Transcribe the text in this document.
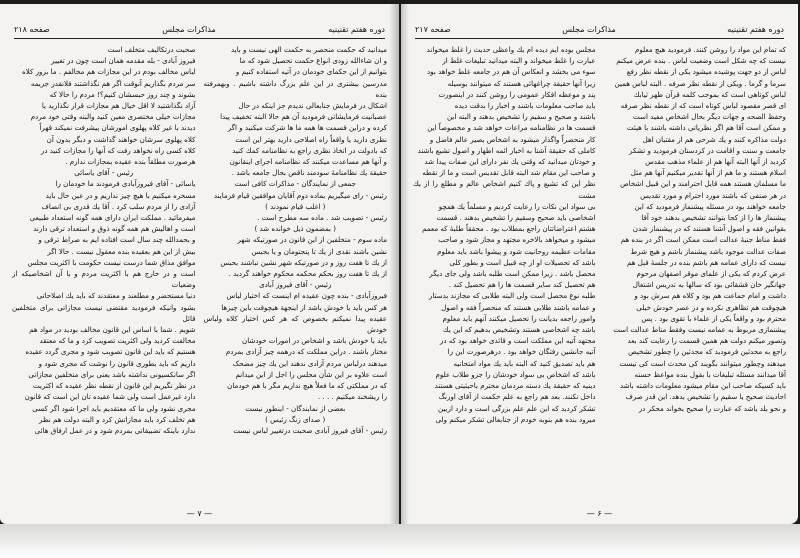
دوره هفتم تقنینیه
مذاکرات مجلس
صفحه ۲۱۸

میدانید که حکمت منحصر به حکمت الهی نیست و باید
و ان شاءالله زودی انواع حکمت تحصیل شود که ما
بتوانیم از این حکمای خودمان در آتیه استفاده کنیم و
مدرسین بیشتری در این علم بزرگ داشته باشیم . وبهمرفته بنده
اشکال در فرمایش جنابعالی ندیدم جز اینکه در حال
عصبانیت فرمایشاتی فرمودید آن هم حالا البته تخفیف پیدا
کرده و دراین قسمت ها همه ما ها شرکت میکنید و اگر
نظری دارید یا واقعاً راه اصلاحی دارید بهتر این است
که بادولت در اتخاذ نظری راجع به نظامنامه کمك کنید
و آنها هم مساعدت میکنند که نظامنامه اجرای اینقانون
حقیقة یك نظامنامهٔ سودمند ناقص بحال جامعه باشد .

جمعی از نمایندگان - مذاکرات کافی است

رئیس - رای میگیریم بماده دوم آقایان موافقین قیام فرمایند

( اغلب قیام نمودند )

رئیس - تصویب شد . ماده سه مطرح است .

( بمضمون ذیل خوانده شد )

ماده سوم - متخلفین از این قانون در صورتیکه شهر
نشین باشند نقدی از یك تا پنجتومان و یا بحبس
از یك تا هفت روز و در صورتیکه شهر نشین نباشند بحبس
از یك تا هفت روز بحکم محکمه محکوم خواهند گردید .

رئیس - آقای فیروز آبادی

فیروزآبادی - بنده چون عقیده ام اینست که اختیار لباس
هر کس باید با خودش باشد از اینجهة هیچوقت باین چیزها
عقیده پیدا نمیکنم بخصوص که هر کس اختیار کلاه ولباس خودش
باید با خودش باشد و اشخاص در امورات خودشان
مختار باشند . دراین مملکت که درهمه چیز آزادی بمردم
میدهند درلباس مردم آزادی ندهند این یك چیز مضحک
است علاوه بر این شأن مجلس را اجل از این میدانم
که در مملکتی که ما فعلاً هیچ نداریم مگر با هم خودمان
را ریشخند میکنیم . . . .

بعضی از نمایندگان - اینطور نیست

( صدای زنگ رئیس )

رئیس - آقای فیروز آبادی صحبت درتغییر لباس نیست

صحبت درتکالیف متخلف است
فیروز آبادی - بله مقدمه همان است چون در تغییر
لباس مخالف بودم در این مجازات هم مخالفم . ما بزور کلاه
سر مردم بگذاریم آنوقت اگر هم نگذاشتند فلانقدر جریمه
بشوند و چند روز حبسشان کنیم؟! مردم را حالا که
آزاد نگذاشتید لا اقل خیال هم مجازات قرار نگذارید یا
مجازات خیلی مختصری معین کنید والبته وقتی خود مردم
دیدند با غیر کلاه پهلوی امورشان پیشرفت نمیکند قهراً
کلاه پهلوی سرشان خواهند گذاشت و دیگر بدون آن
کلاه کسی راه نخواهد رفت که آنها را مجازات کنید در
هرصورت مطلقاً بنده عقیده بمجازات ندارم .

رئیس - آقای یاسائی

یاسائی - آقای فیروزآبادی فرمودند ما خودمان را
مسخره میکنیم با هیچ چیز نداریم و در عین حال باید
آزادی را از مردم سلب کرد . آقا یك قدری بی انصاف
میفرمائید . مملکت ایران دارای همه گونه استعداد طبیعی
است و اهالیش هم همه گونه ذوق و استعداد ترقی دارند
و بحمدالله چند سال است افتاده ایم به صراط ترقی و
بیش از این هم بعقیده بنده معقول نیست . حالا اگر
موافق مذاق شما درست نیست حکومت با اکثریت مجلس
است و در خارج هم با اکثریت مردم و با آن اشخاصیکه از وضعیات
دنیا مستحضر و مطلعند و معتقدند که باید یك اصلاحاتی
بشود وانیکه فرمودید مقتضی نیست مجازاتی برای متخلفین قائل
شویم . شما با اساس این قانون مخالف بودید در مواد هم
مخالفت کردید ولی اکثریت تصویب کرد و ما که معتقد
هستیم که باید این قانون تصویب شود و مجری گردد عقیده
داریم که باید بطوری قانون را نوشت که مجری شود و
اگر سانکسیونی نداشته باشد یعنی برای متخلفین مجازاتی
در نظر نگیریم این قانون از نقطه نظر عقیده که اکثریت
دارد غیرعمل است ولی شما عقیده تان این است که قانون
مجری نشود ولی ما که معتقدیم باید اجرا شود اگر کسی
هم تخلف کرد باید مجازاتش کرد و البته دولت هم نظر
ندارد باینکه تضییقاتی بمردم شود و در عمل ارفاق هائی

— ۷ —
دوره هفتم تقنینیه
مذاکرات مجلس
صفحه ۲۱۷

که تمام این مواد را روشن کنند. فرمودید هیچ معلوم
نیست که چه شکل است وضعیت لباس . بنده عرض میکنم
لباس از دو جهت پوشیده میشود یکی از نقطه نظر رفع
سرما و گرما . ویکی از نقطه نظر صرفه . البته لباس همین
لباس کوتاهی است که بموجب کلمه قرآن طهر ثیابك
ای قصر مقصود لباس کوتاه است که از نقطه نظر صرفه
وحفظ الصحه و جهات دیگر بحال اشخاص مفید است
و ممکن است آقا هم اگر نظریاتی داشته باشند با هیئت
دولت مذاکره کنند و یك شرحی هم از مقتبان اهل
جامعت و سنت و اقامت در کردستان فرمودید و تشکر
کردید از آنها البته آنها هم از علماء مذهب مقدس
اسلام هستند و ما هم از آنها تقدیر میکنیم آنها هم مثل
ما مسلمان هستند همه قابل احترامند و این قبیل اشخاص
در هر صنفی که باشند مورد احترام و مورد تقدیس
جامعه خواهند بود در مسئله پیشنماز فرمودید که این
پیشنماز ها را از کجا بتوانند تشخیص بدهند خود آقا
بقوانین فقه و اصول آشنا هستند که در پیشنماز شدن
فقط مناط جنبهٔ عدالت است ممکن است اگر در بنده هم
صفات عدالت موجود باشد پیشنماز باشم و هیچ شرط
نیست که دارای عمامه هم باشم بنده در جلسهٔ قبل هم
عرض کردم که یکی از علمای موقر اصفهان مرحوم
جهانگیر خان قشقائی بود که سالها به تدریس اشتغال
داشت و امام جماعت هم بود و کلاه هم سرش بود و
هیچوقت هم تظاهری نکرده و در عصر خودش خیلی
محترم بود و واقعاً یکی از علماء با تقوی بود . پس
پیشنمازی مربوط به عمامه نیست وفقط مناط عدالت است
وتصور میکنم دولت هم همین قسمت را رعایت کند بعد
راجع به محدثین فرمودید که محدثین را چطور تشخیص
میدهند وچطور میتوانند بگویند کی محدث است کی نیست
آقا میدانند مسئله تبلیغات با بقول بنده مواعظ حسنه
باید کسیکه صاحب این مقام میشود معلومات داشته باشد
احادیث صحیح یا سقیم را تشخیص بدهد. این قدر صرف
و نحو بلد باشد که عبارت را صحیح بخواند محکر در

مجلس بوده ایم دیده ام یك واعظی حدیث را غلط میخواند
عبارت را غلط میخواند و البته میدانید تبلیغات غلط از
سوء می بخشد و انعکاس آن هم در جامعه غلط خواهد بود
زیرا آنها حقیقة چراغهائی هستند که میتوانند بوسیله
پند و موعظه افکار عمومی را روشن کنند در اینصورت
باید صاحب معلومات باشند و اخبار را بدقت دیده
باشند و صحیح و سقیم را تشخیص بدهند و البته این
قسمت ها در نظامنامه مراعات خواهد شد و مخصوصاً این
کار منحصراً واگذار میشود به اشخاص بصیر عالم فاضل و
کاملی که حقیقة آشنا به اخبار ائمه اطهار و اصول تشیع باشند
و خودتان میدانید که وقتی یك نفر دارای این صفات پیدا شد
و صاحب این مقام شد البته قابل تقدیس است و ما از نقطه
نظر این که تشیع و پاك کنیم اشخاص عالم و مطلع را از یك مشت
بی سواد این نکات را رعایت کردیم و مسلماً یك همچو
اشخاصی باید صحیح وسقیم را تشخیص بدهند . قسمت
هشتم اعتراضاتتان راجع بمطلاب بود . محققاً طلبهٔ که معمم
میشود و میخواهد بالاخره مجتهد و مجاز شود و صاحب
مقامات عظیمه روحانیت شود و پیشوا باشد باید معلوم
باشد که تحصیلات او از چه قبیل است و بطور کلی
محصل باشد . زیرا ممکن است طلبه باشد ولی جای دیگر
هم تحصیل کند سایر قسمت ها را هم تحصیل کند .
طلبه نوع محصل است ولی البته طلابی که مجازند بدستار
و عمامه باشند طلابی هستند که منحصراً فقه و اصول
وامور راجعه بدیانت را تحصیل میکنند آنهم باید معلوم
باشد چه اشخاصی هستند وتشخیص بدهیم که این یك
مجتهد آتیه این مملکت است و قائدی خواهد بود که در
آتیه جانشین رفتگان خواهد بود . درهرصورت این را
هم باید تصدیق کنید که البته باید یك مواد امتحانیه
باشد که اشخاص بی سواد خودشان را جزو طلاب علوم
دینیه که حقیقة یك دسته مردمان محترم باحیثیتی هستند
داخل نکنند. بعد هم راجع به علم حکمت از آقای اورنگ
تشکر کردید که این علم علم بزرگی است و دارد ازبین
میرود بنده هم بنوبه خودم از جنابعالی تشکر میکنم ولی

— ۶ —
